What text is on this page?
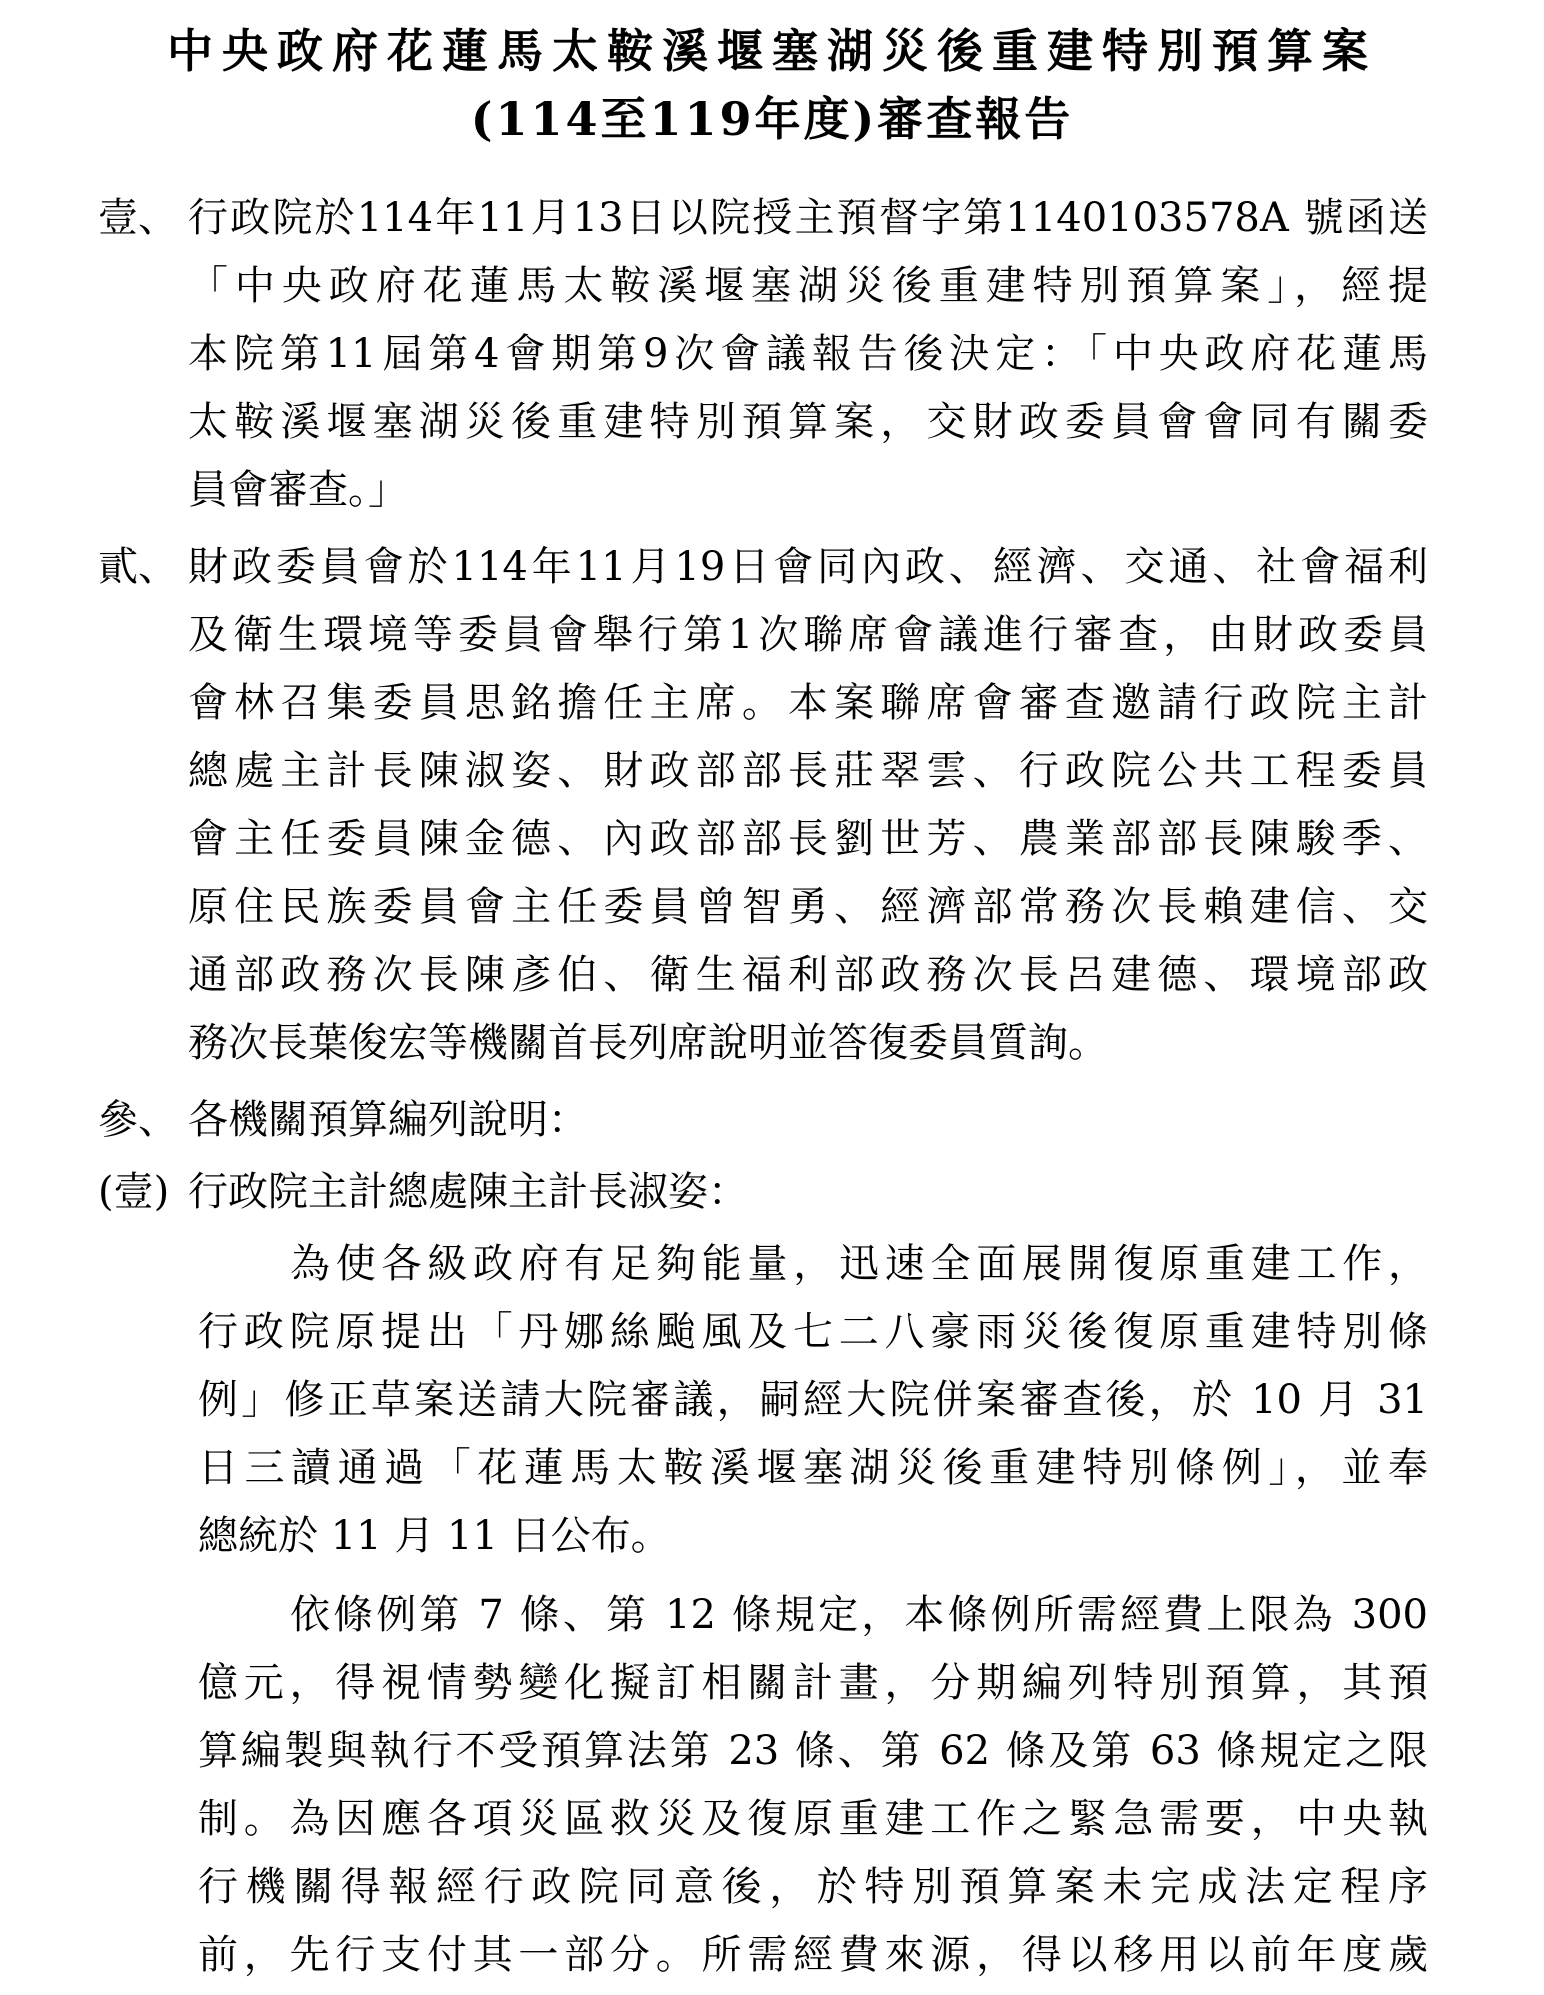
中央政府花蓮馬太鞍溪堰塞湖災後重建特別預算案
(114至119年度)審查報告
壹、 行政院於114年11月13日以院授主預督字第1140103578A 號函送
「中央政府花蓮馬太鞍溪堰塞湖災後重建特別預算案」，經提
本院第11屆第4會期第9次會議報告後決定：「中央政府花蓮馬
太鞍溪堰塞湖災後重建特別預算案，交財政委員會會同有關委
員會審查。」
貳、 財政委員會於114年11月19日會同內政、經濟、交通、社會福利
及衛生環境等委員會舉行第1次聯席會議進行審查，由財政委員
會林召集委員思銘擔任主席。本案聯席會審查邀請行政院主計
總處主計長陳淑姿、財政部部長莊翠雲、行政院公共工程委員
會主任委員陳金德、內政部部長劉世芳、農業部部長陳駿季、
原住民族委員會主任委員曾智勇、經濟部常務次長賴建信、交
通部政務次長陳彥伯、衛生福利部政務次長呂建德、環境部政
務次長葉俊宏等機關首長列席說明並答復委員質詢。
參、 各機關預算編列說明：
(壹) 行政院主計總處陳主計長淑姿：
為使各級政府有足夠能量，迅速全面展開復原重建工作，
行政院原提出「丹娜絲颱風及七二八豪雨災後復原重建特別條
例」修正草案送請大院審議，嗣經大院併案審查後，於 10 月 31
日三讀通過「花蓮馬太鞍溪堰塞湖災後重建特別條例」，並奉
總統於 11 月 11 日公布。
依條例第 7 條、第 12 條規定，本條例所需經費上限為 300
億元，得視情勢變化擬訂相關計畫，分期編列特別預算，其預
算編製與執行不受預算法第 23 條、第 62 條及第 63 條規定之限
制。為因應各項災區救災及復原重建工作之緊急需要，中央執
行機關得報經行政院同意後，於特別預算案未完成法定程序
前，先行支付其一部分。所需經費來源，得以移用以前年度歲
